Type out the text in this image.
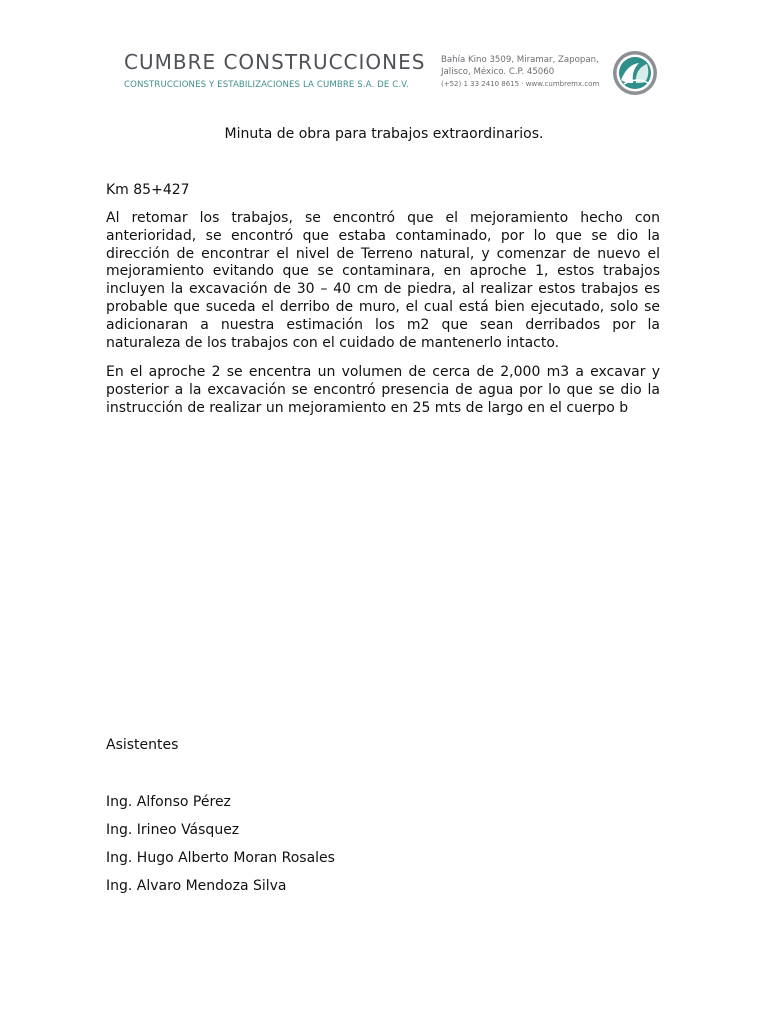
CUMBRE CONSTRUCCIONES
CONSTRUCCIONES Y ESTABILIZACIONES LA CUMBRE S.A. DE C.V.
Bahía Kino 3509, Miramar, Zapopan,
Jalisco, México. C.P. 45060
(+52) 1 33 2410 8615 · www.cumbremx.com
Minuta de obra para trabajos extraordinarios.
Km 85+427

Al retomar los trabajos, se encontró que el mejoramiento hecho con anterioridad, se encontró que estaba contaminado, por lo que se dio la dirección de encontrar el nivel de Terreno natural, y comenzar de nuevo el mejoramiento evitando que se contaminara, en aproche 1, estos trabajos incluyen la excavación de 30 – 40 cm de piedra, al realizar estos trabajos es probable que suceda el derribo de muro, el cual está bien ejecutado, solo se adicionaran a nuestra estimación los m2 que sean derribados por la naturaleza de los trabajos con el cuidado de mantenerlo intacto.

En el aproche 2 se encentra un volumen de cerca de 2,000 m3 a excavar y posterior a la excavación se encontró presencia de agua por lo que se dio la instrucción de realizar un mejoramiento en 25 mts de largo en el cuerpo b

Asistentes
Ing. Alfonso Pérez
Ing. Irineo Vásquez
Ing. Hugo Alberto Moran Rosales
Ing. Alvaro Mendoza Silva
